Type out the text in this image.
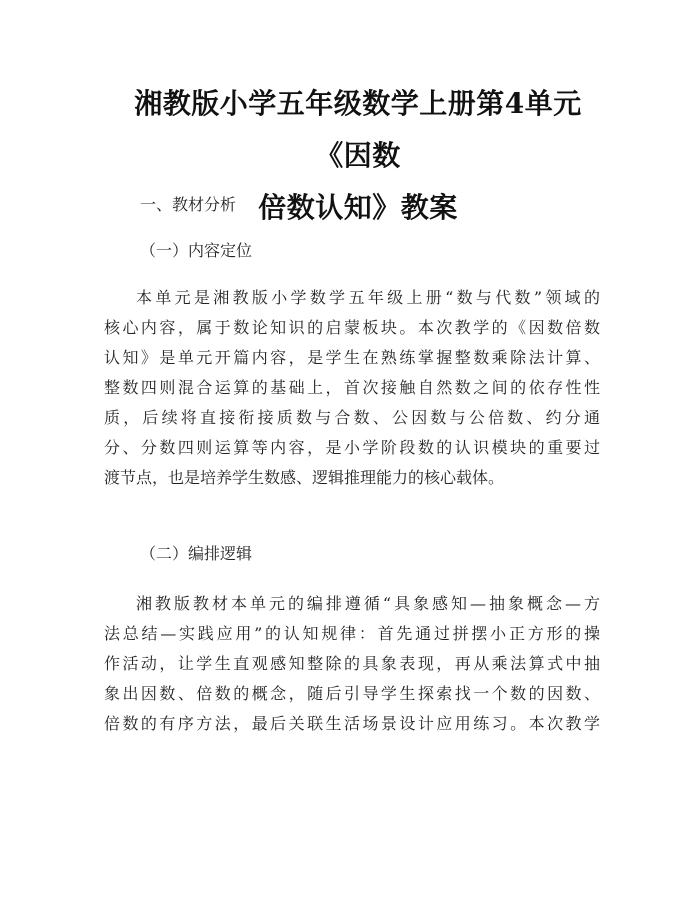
湘教版小学五年级数学上册第4单元《因数
倍数认知》教案

一、教材分析

（一）内容定位

本单元是湘教版小学数学五年级上册“数与代数”领域的
核心内容，属于数论知识的启蒙板块。本次教学的《因数倍数
认知》是单元开篇内容，是学生在熟练掌握整数乘除法计算、
整数四则混合运算的基础上，首次接触自然数之间的依存性性
质，后续将直接衔接质数与合数、公因数与公倍数、约分通
分、分数四则运算等内容，是小学阶段数的认识模块的重要过
渡节点，也是培养学生数感、逻辑推理能力的核心载体。

（二）编排逻辑

湘教版教材本单元的编排遵循“具象感知—抽象概念—方
法总结—实践应用”的认知规律：首先通过拼摆小正方形的操
作活动，让学生直观感知整除的具象表现，再从乘法算式中抽
象出因数、倍数的概念，随后引导学生探索找一个数的因数、
倍数的有序方法，最后关联生活场景设计应用练习。本次教学
